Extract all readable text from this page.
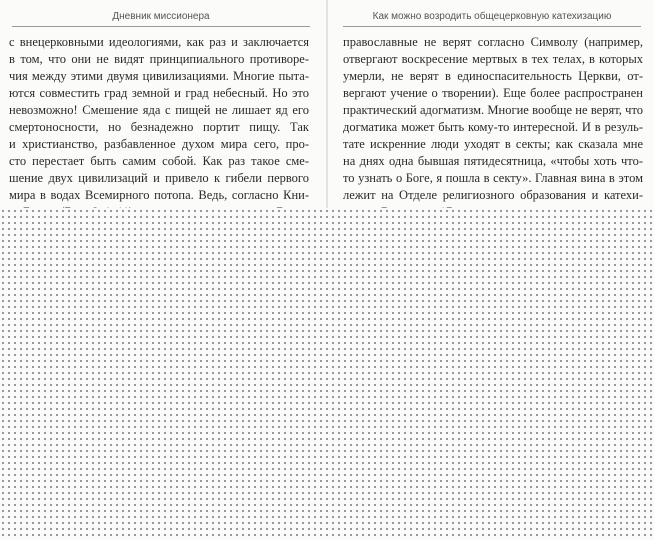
Дневник миссионера	Как можно возродить общецерковную катехизацию
с внецерковными идеологиями, как раз и заключается
в том, что они не видят принципиального противоре-
чия между этими двумя цивилизациями. Многие пыта-
ются совместить град земной и град небесный. Но это
невозможно! Смешение яда с пищей не лишает яд его
смертоносности, но безнадежно портит пищу. Так
и христианство, разбавленное духом мира сего, про-
сто перестает быть самим собой. Как раз такое сме-
шение двух цивилизаций и привело к гибели первого
мира в водах Всемирного потопа. Ведь, согласно Кни-
православные не верят согласно Символу (например,
отвергают воскресение мертвых в тех телах, в которых
умерли, не верят в единоспасительность Церкви, от-
вергают учение о творении). Еще более распространен
практический адогматизм. Многие вообще не верят, что
догматика может быть кому-то интересной. И в резуль-
тате искренние люди уходят в секты; как сказала мне
на днях одна бывшая пятидесятница, «чтобы хоть что-
то узнать о Боге, я пошла в секту». Главная вина в этом
лежит на Отделе религиозного образования и катехи-
